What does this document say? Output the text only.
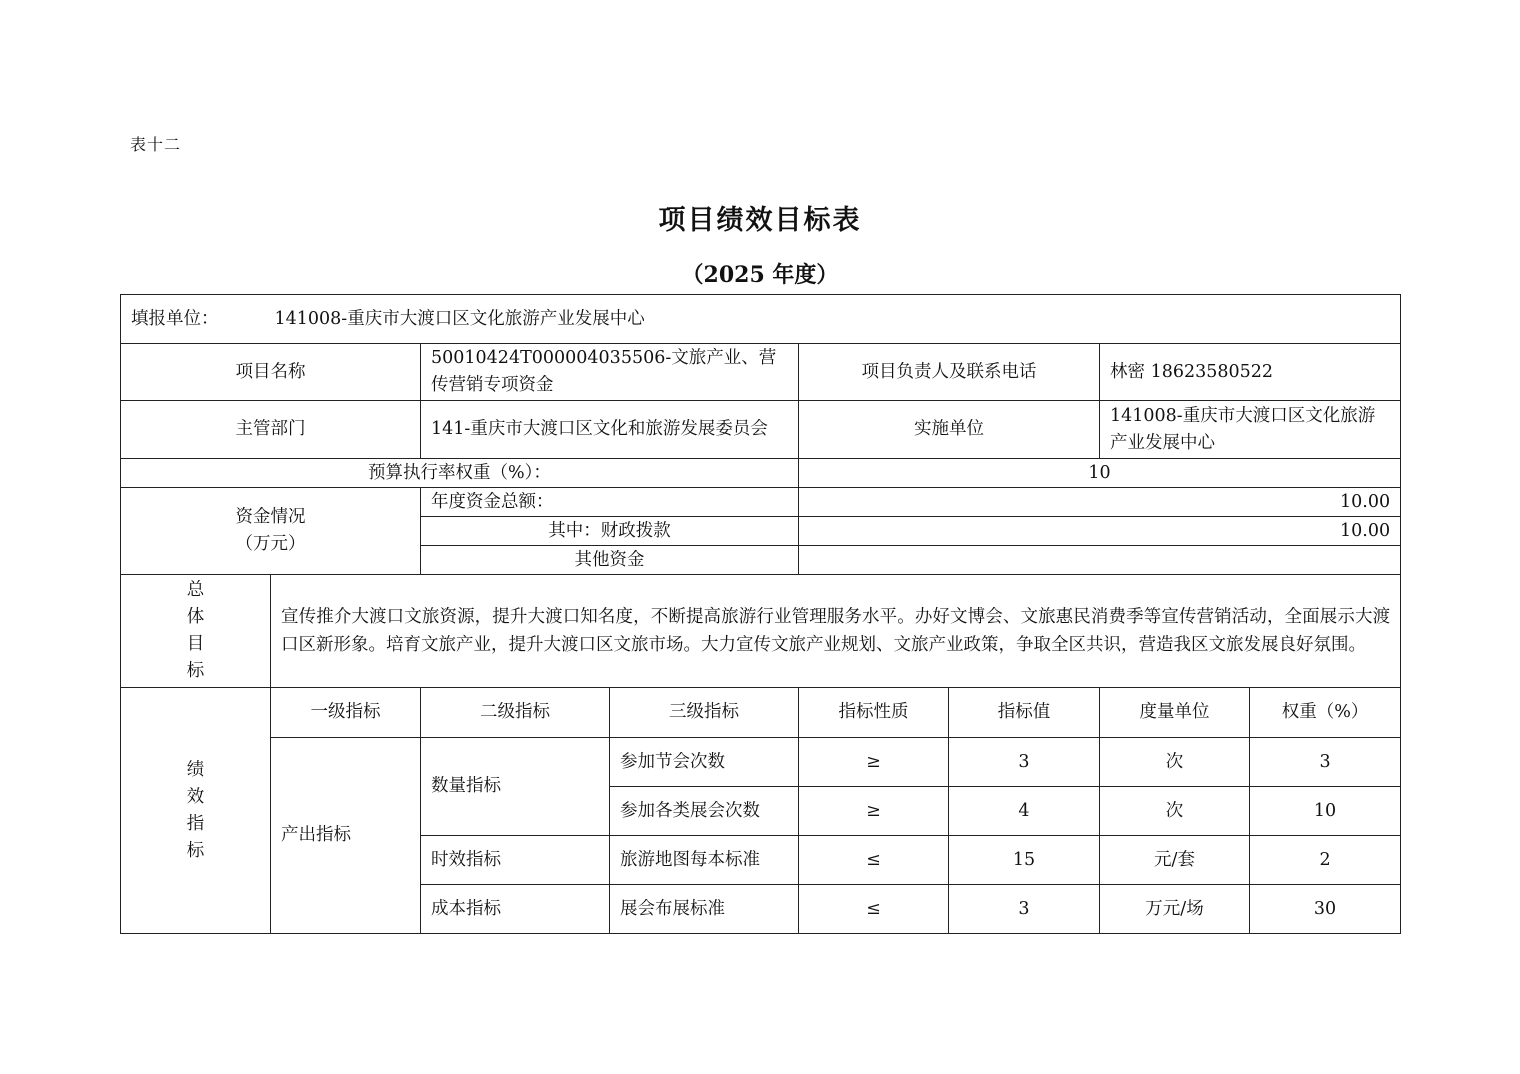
表十二
项目绩效目标表
（2025 年度）
填报单位： 141008-重庆市大渡口区文化旅游产业发展中心							
项目名称		50010424T000004035506-文旅产业、营传营销专项资金		项目负责人及联系电话		林密 18623580522	
主管部门		141-重庆市大渡口区文化和旅游发展委员会		实施单位		141008-重庆市大渡口区文化旅游产业发展中心	
预算执行率权重（%）：				10			

资金情况
（万元）		年度资金总额：		10.00			
		其中：财政拨款		10.00			
		其他资金					

总
体
目
标	宣传推介大渡口文旅资源，提升大渡口知名度，不断提高旅游行业管理服务水平。办好文博会、文旅惠民消费季等宣传营销活动，全面展示大渡口区新形象。培育文旅产业，提升大渡口区文旅市场。大力宣传文旅产业规划、文旅产业政策，争取全区共识，营造我区文旅发展良好氛围。						

绩
效
指
标	一级指标	二级指标	三级指标	指标性质	指标值	度量单位	权重（%）
	产出指标	数量指标	参加节会次数	≥	3	次	3
			参加各类展会次数	≥	4	次	10
		时效指标	旅游地图每本标准	≤	15	元/套	2
		成本指标	展会布展标准	≤	3	万元/场	30
